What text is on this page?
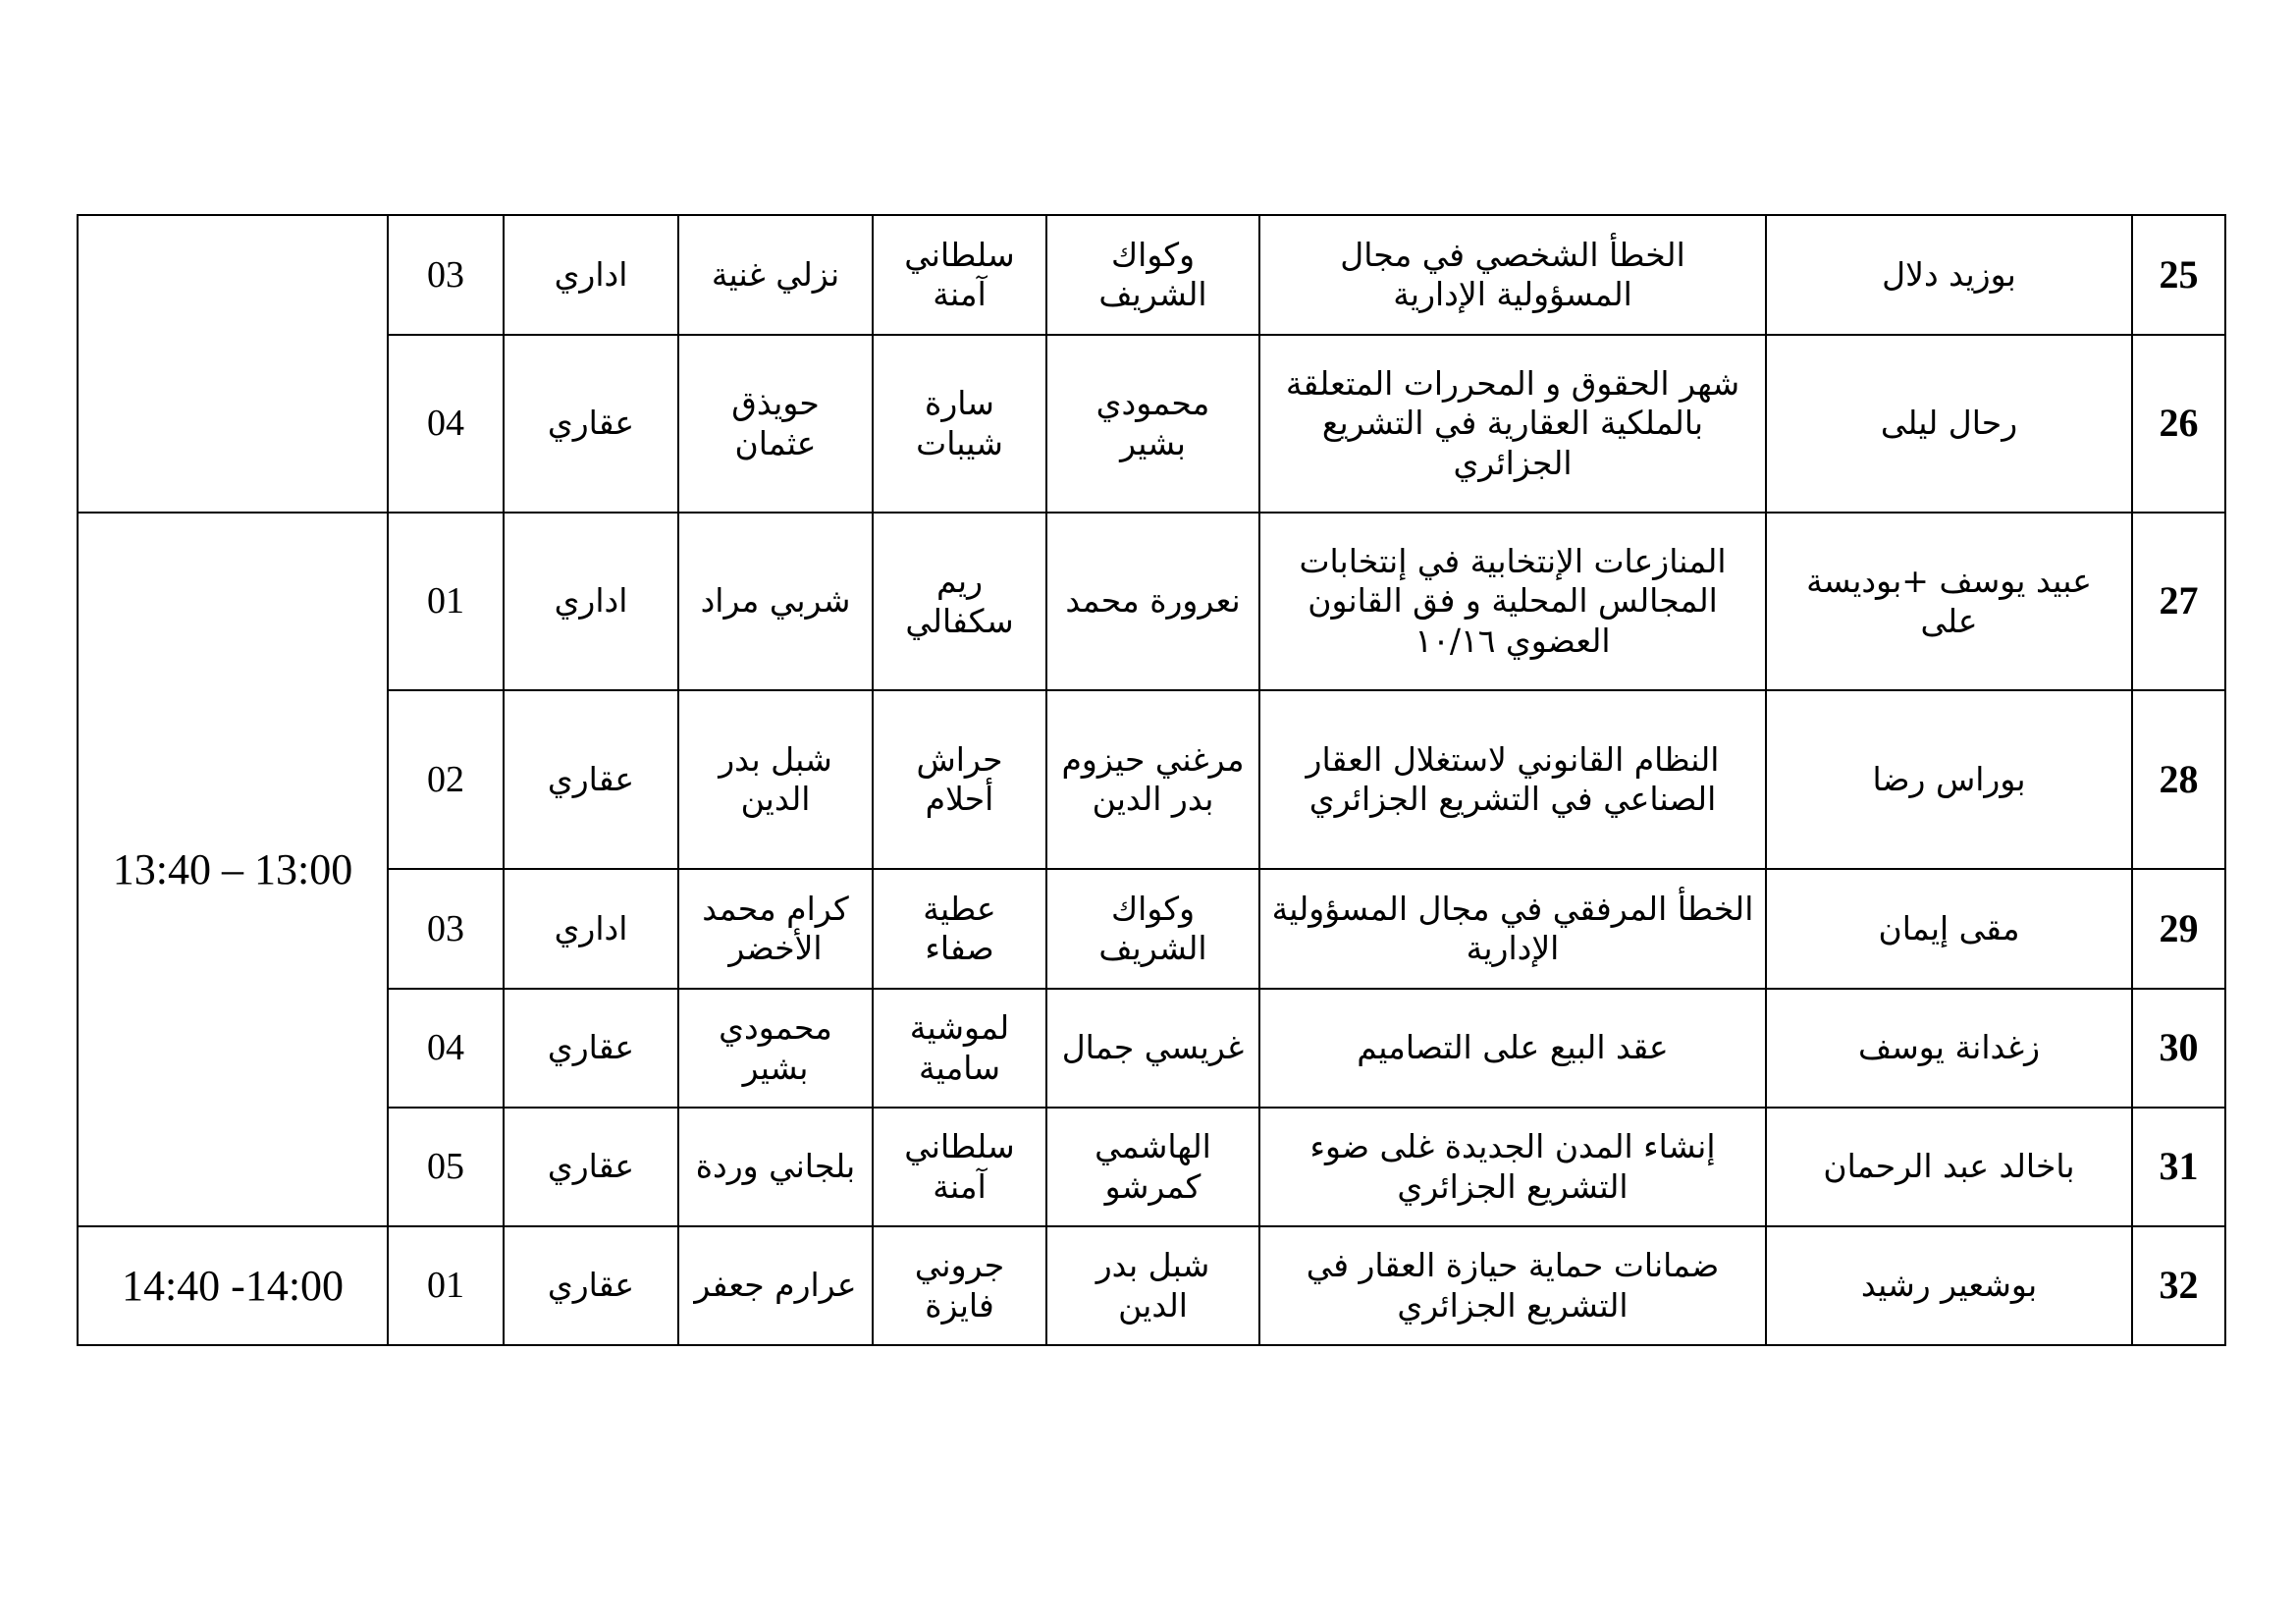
	03	اداري	نزلي غنية	سلطاني آمنة	وكواك الشريف	الخطأ الشخصي في مجال المسؤولية الإدارية	بوزيد دلال	25
	04	عقاري	حويذق عثمان	سارة شيبات	محمودي بشير	شهر الحقوق و المحررات المتعلقة بالملكية العقارية في التشريع الجزائري	رحال ليلى	26
13:40 – 13:00	01	اداري	شربي مراد	ريم سكفالي	نعرورة محمد	المنازعات الإنتخابية في إنتخابات المجالس المحلية و فق القانون العضوي ١٠/١٦	عبيد يوسف +بوديسة على	27
	02	عقاري	شبل بدر الدين	حراش أحلام	مرغني حيزوم بدر الدين	النظام القانوني لاستغلال العقار الصناعي في التشريع الجزائري	بوراس رضا	28
	03	اداري	كرام محمد الأخضر	عطية صفاء	وكواك الشريف	الخطأ المرفقي في مجال المسؤولية الإدارية	مقى إيمان	29
	04	عقاري	محمودي بشير	لموشية سامية	غريسي جمال	عقد البيع على التصاميم	زغدانة يوسف	30
	05	عقاري	بلجاني وردة	سلطاني آمنة	الهاشمي كمرشو	إنشاء المدن الجديدة غلى ضوء التشريع الجزائري	باخالد عبد الرحمان	31
14:40 -14:00	01	عقاري	عرارم جعفر	جروني فايزة	شبل بدر الدين	ضمانات حماية حيازة العقار في التشريع الجزائري	بوشعير رشيد	32
